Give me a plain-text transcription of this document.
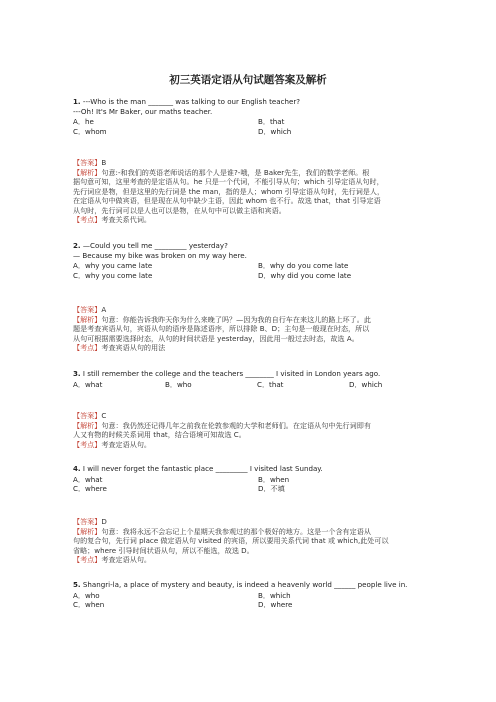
初三英语定语从句试题答案及解析
1. ---Who is the man _______ was talking to our English teacher?
---Oh! It's Mr Baker, our maths teacher.
A．he	B．that
C．whom	D．which
【答案】B
【解析】句意:-和我们的英语老师说话的那个人是谁?-哦，是 Baker先生，我们的数学老师。根
据句意可知，这里考查的是定语从句。he 只是一个代词，不能引导从句；which 引导定语从句时，
先行词应是物，但是这里的先行词是 the man，指的是人；whom 引导定语从句时，先行词是人，
在定语从句中做宾语，但是现在从句中缺少主语，因此 whom 也不行。故选 that，that 引导定语
从句时，先行词可以是人也可以是物，在从句中可以做主语和宾语。
【考点】考查关系代词。
2. —Could you tell me _________ yesterday?
— Because my bike was broken on my way here.
A．why you came late	B．why do you come late
C．why you come late	D．why did you come late
【答案】A
【解析】句意：你能告诉我昨天你为什么来晚了吗？—因为我的自行车在来这儿的路上坏了。此
题是考查宾语从句，宾语从句的语序是陈述语序，所以排除 B、D；主句是一般现在时态，所以
从句可根据需要选择时态，从句的时间状语是 yesterday，因此用一般过去时态，故选 A。
【考点】考查宾语从句的用法
3. I still remember the college and the teachers ________ I visited in London years ago.
A．what	B．who	C．that	D．which
【答案】C
【解析】句意：我仍然还记得几年之前我在伦敦参观的大学和老师们。在定语从句中先行词即有
人又有物的时候关系词用 that，结合语境可知故选 C。
【考点】考查定语从句。
4. I will never forget the fantastic place _________ I visited last Sunday.
A．what	B．when
C．where	D．不填
【答案】D
【解析】句意：我将永远不会忘记上个星期天我参观过的那个极好的地方。这是一个含有定语从
句的复合句，先行词 place 做定语从句 visited 的宾语，所以要用关系代词 that 或 which,此处可以
省略；where 引导时间状语从句，所以不能选，故选 D。
【考点】考查定语从句。
5. Shangri-la, a place of mystery and beauty, is indeed a heavenly world ______ people live in.
A．who	B．which
C．when	D．where
